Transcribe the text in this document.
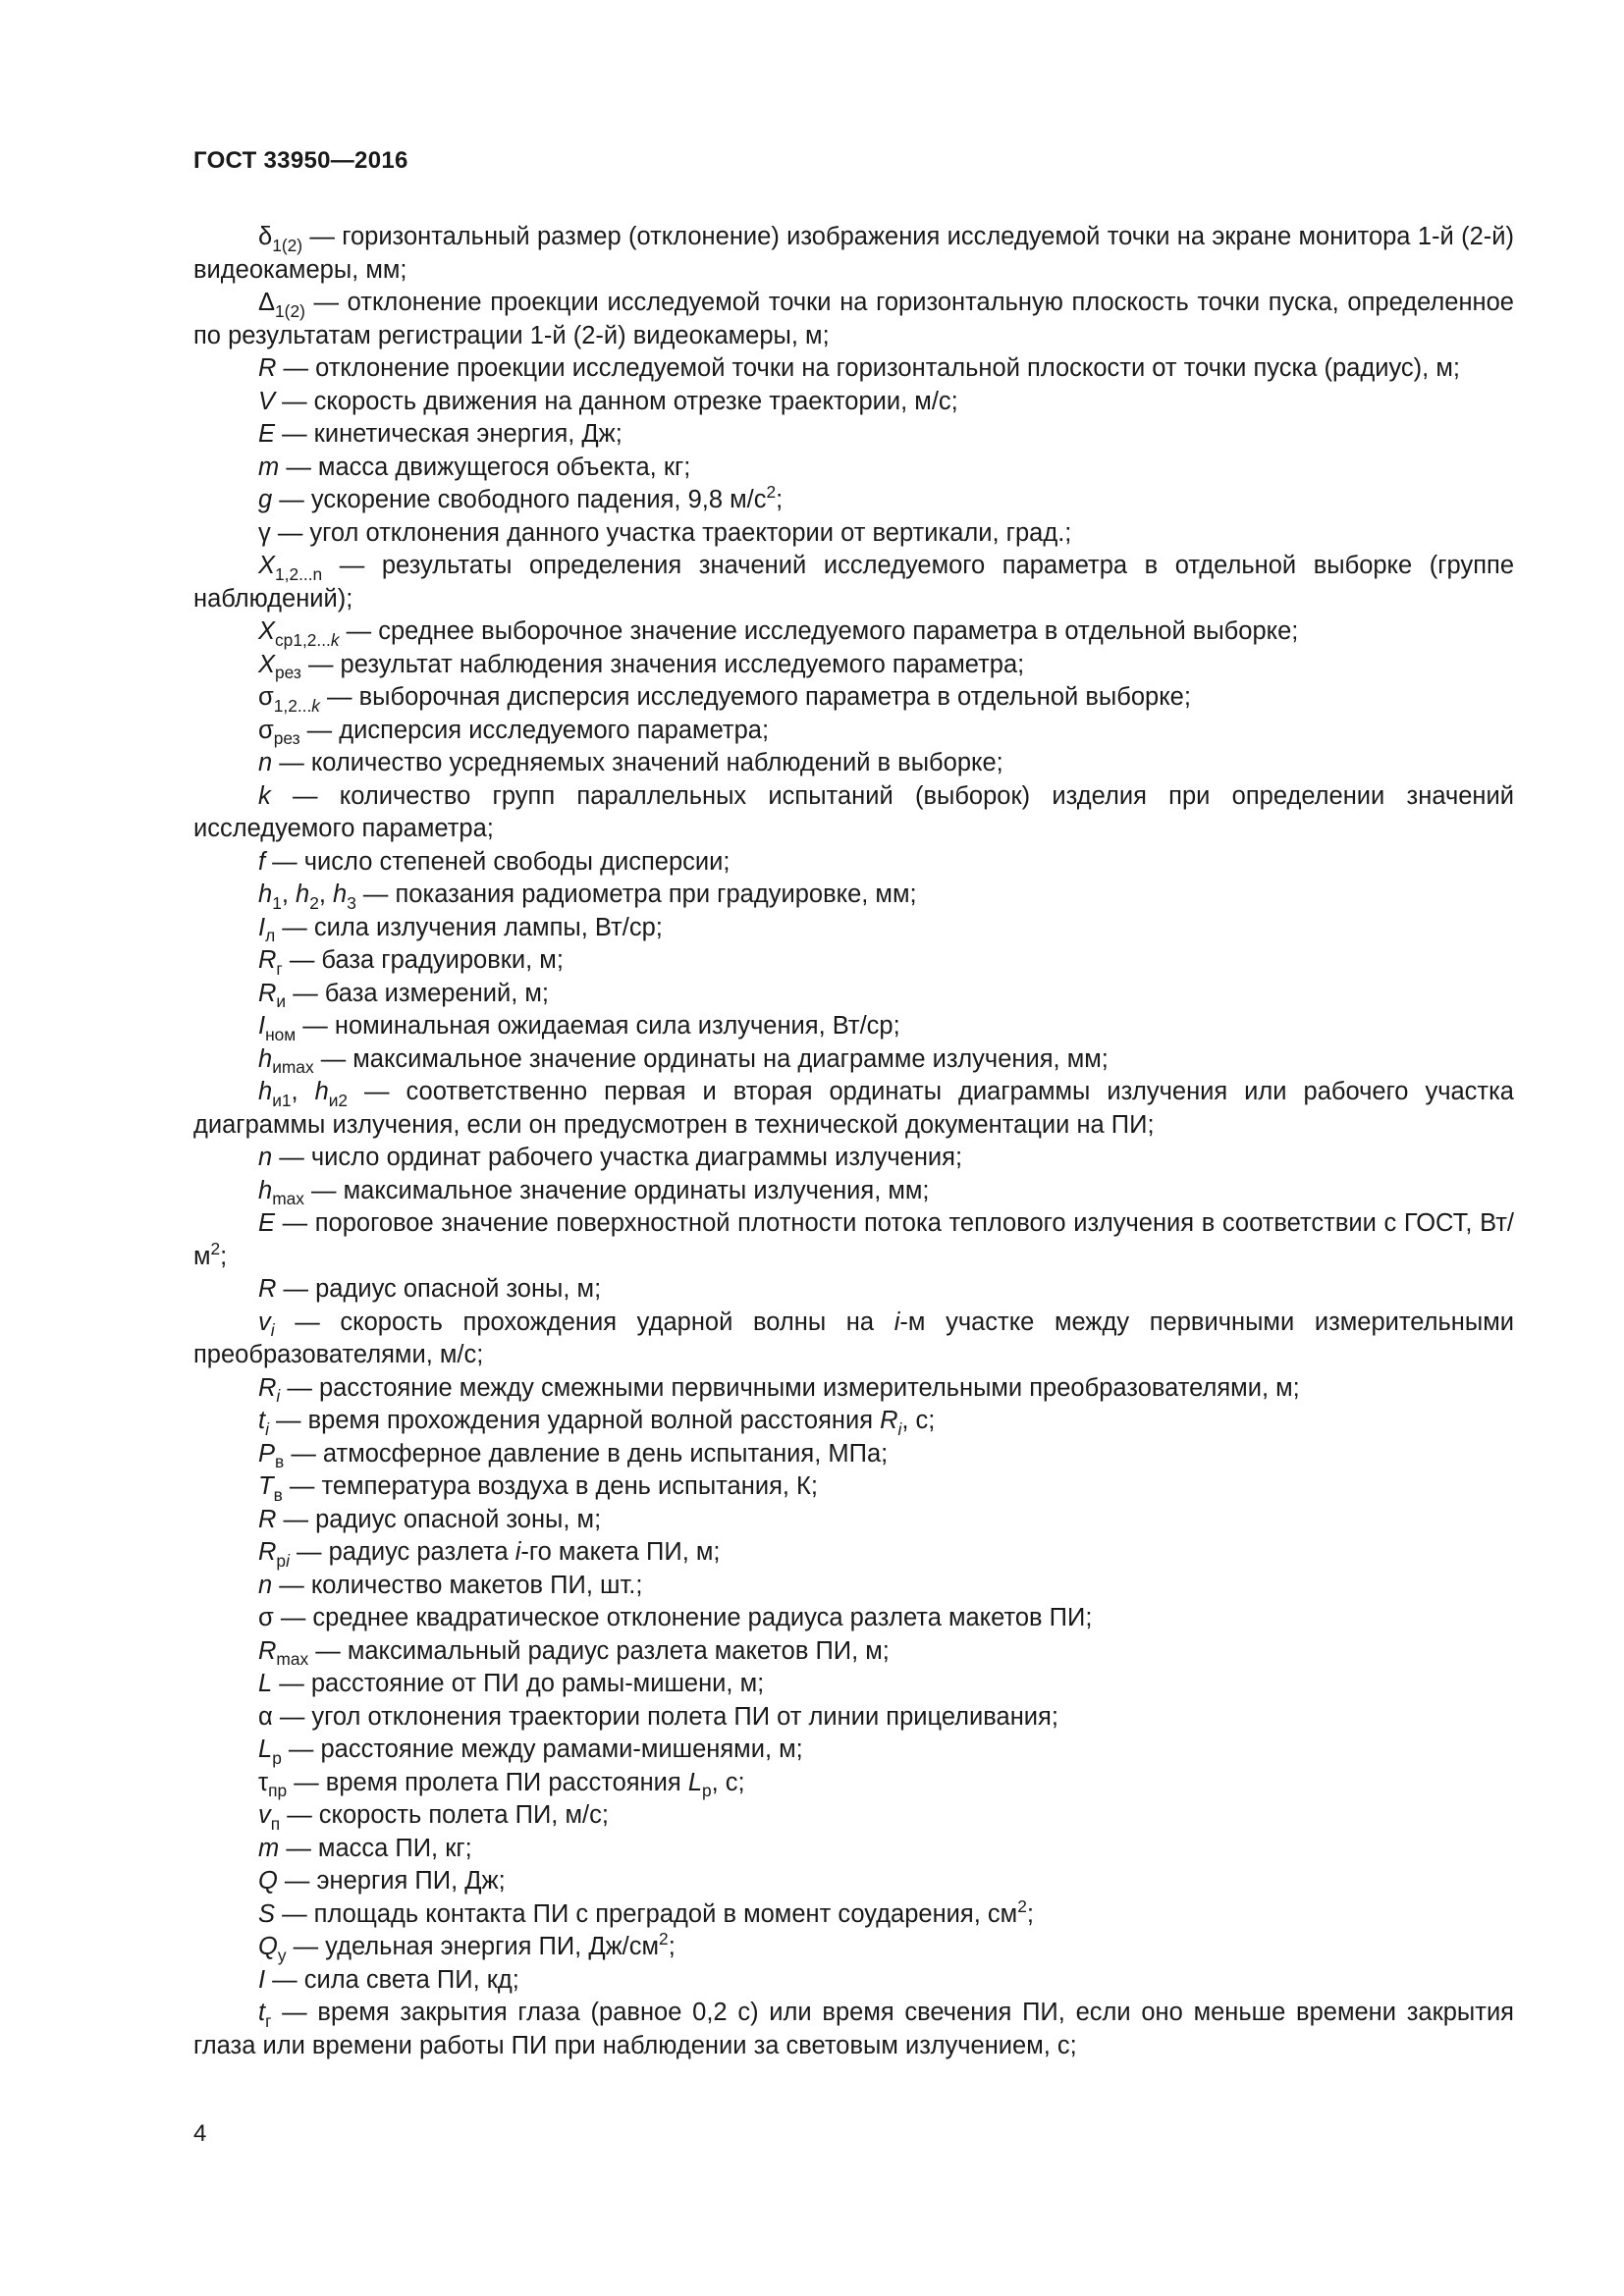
ГОСТ 33950—2016

$\delta_{1(2)}$ — горизонтальный размер (отклонение) изображения исследуемой точки на экране монитора 1-й (2-й) видеокамеры, мм;

$\Delta_{1(2)}$ — отклонение проекции исследуемой точки на горизонтальную плоскость точки пуска, определенное по результатам регистрации 1-й (2-й) видеокамеры, м;

R — отклонение проекции исследуемой точки на горизонтальной плоскости от точки пуска (радиус), м;

V — скорость движения на данном отрезке траектории, м/с;

E — кинетическая энергия, Дж;

m — масса движущегося объекта, кг;

g — ускорение свободного падения, 9,8 $м/с^2$;

γ — угол отклонения данного участка траектории от вертикали, град.;

$X_{1,2...n}$ — результаты определения значений исследуемого параметра в отдельной выборке (группе наблюдений);

$X_{ср1,2...k}$ — среднее выборочное значение исследуемого параметра в отдельной выборке;

$X_{рез}$ — результат наблюдения значения исследуемого параметра;

$\sigma_{1,2...k}$ — выборочная дисперсия исследуемого параметра в отдельной выборке;

$\sigma_{рез}$ — дисперсия исследуемого параметра;

n — количество усредняемых значений наблюдений в выборке;

k — количество групп параллельных испытаний (выборок) изделия при определении значений исследуемого параметра;

f — число степеней свободы дисперсии;

$h_1$, $h_2$, $h_3$ — показания радиометра при градуировке, мм;

$I_л$ — сила излучения лампы, Вт/ср;

$R_г$ — база градуировки, м;

$R_и$ — база измерений, м;

$I_{ном}$ — номинальная ожидаемая сила излучения, Вт/ср;

$h_{иmax}$ — максимальное значение ординаты на диаграмме излучения, мм;

$h_{и1}$, $h_{и2}$ — соответственно первая и вторая ординаты диаграммы излучения или рабочего участка диаграммы излучения, если он предусмотрен в технической документации на ПИ;

n — число ординат рабочего участка диаграммы излучения;

$h_{max}$ — максимальное значение ординаты излучения, мм;

E — пороговое значение поверхностной плотности потока теплового излучения в соответствии с ГОСТ, $Вт/м^2$;

R — радиус опасной зоны, м;

$v_i$ — скорость прохождения ударной волны на i-м участке между первичными измерительными преобразователями, м/с;

$R_i$ — расстояние между смежными первичными измерительными преобразователями, м;

$t_i$ — время прохождения ударной волной расстояния $R_i$, с;

$P_в$ — атмосферное давление в день испытания, МПа;

$T_в$ — температура воздуха в день испытания, К;

R — радиус опасной зоны, м;

$R_{рi}$ — радиус разлета i-го макета ПИ, м;

n — количество макетов ПИ, шт.;

σ — среднее квадратическое отклонение радиуса разлета макетов ПИ;

$R_{max}$ — максимальный радиус разлета макетов ПИ, м;

L — расстояние от ПИ до рамы-мишени, м;

α — угол отклонения траектории полета ПИ от линии прицеливания;

$L_р$ — расстояние между рамами-мишенями, м;

$\tau_{пр}$ — время пролета ПИ расстояния $L_р$, с;

$v_п$ — скорость полета ПИ, м/с;

m — масса ПИ, кг;

Q — энергия ПИ, Дж;

S — площадь контакта ПИ с преградой в момент соударения, $см^2$;

$Q_у$ — удельная энергия ПИ, $Дж/см^2$;

I — сила света ПИ, кд;

$t_г$ — время закрытия глаза (равное 0,2 с) или время свечения ПИ, если оно меньше времени закрытия глаза или времени работы ПИ при наблюдении за световым излучением, с;

4
